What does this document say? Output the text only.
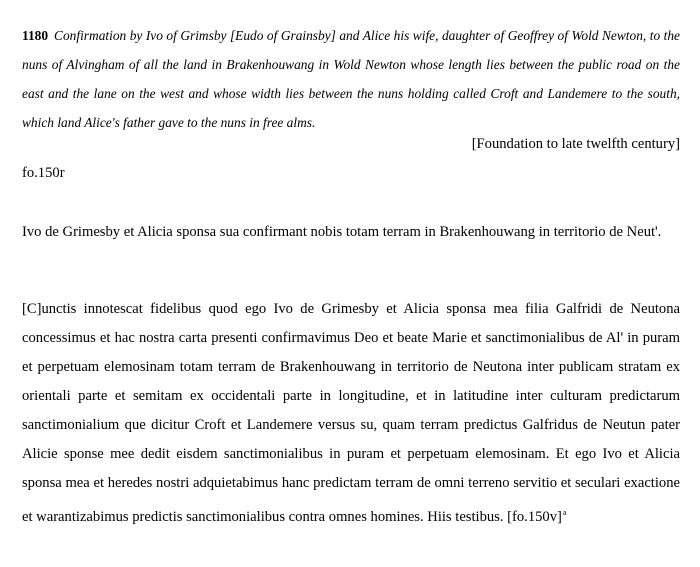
1180 Confirmation by Ivo of Grimsby [Eudo of Grainsby] and Alice his wife, daughter of Geoffrey of Wold Newton, to the nuns of Alvingham of all the land in Brakenhouwang in Wold Newton whose length lies between the public road on the east and the lane on the west and whose width lies between the nuns holding called Croft and Landemere to the south, which land Alice's father gave to the nuns in free alms.
[Foundation to late twelfth century]
fo.150r
Ivo de Grimesby et Alicia sponsa sua confirmant nobis totam terram in Brakenhouwang in territorio de Neut'.
[C]unctis innotescat fidelibus quod ego Ivo de Grimesby et Alicia sponsa mea filia Galfridi de Neutona concessimus et hac nostra carta presenti confirmavimus Deo et beate Marie et sanctimonialibus de Al' in puram et perpetuam elemosinam totam terram de Brakenhouwang in territorio de Neutona inter publicam stratam ex orientali parte et semitam ex occidentali parte in longitudine, et in latitudine inter culturam predictarum sanctimonialium que dicitur Croft et Landemere versus su, quam terram predictus Galfridus de Neutun pater Alicie sponse mee dedit eisdem sanctimonialibus in puram et perpetuam elemosinam. Et ego Ivo et Alicia sponsa mea et heredes nostri adquietabimus hanc predictam terram de omni terreno servitio et seculari exactione et warantizabimus predictis sanctimonialibus contra omnes homines. Hiis testibus. $[fo.150v]^a$
